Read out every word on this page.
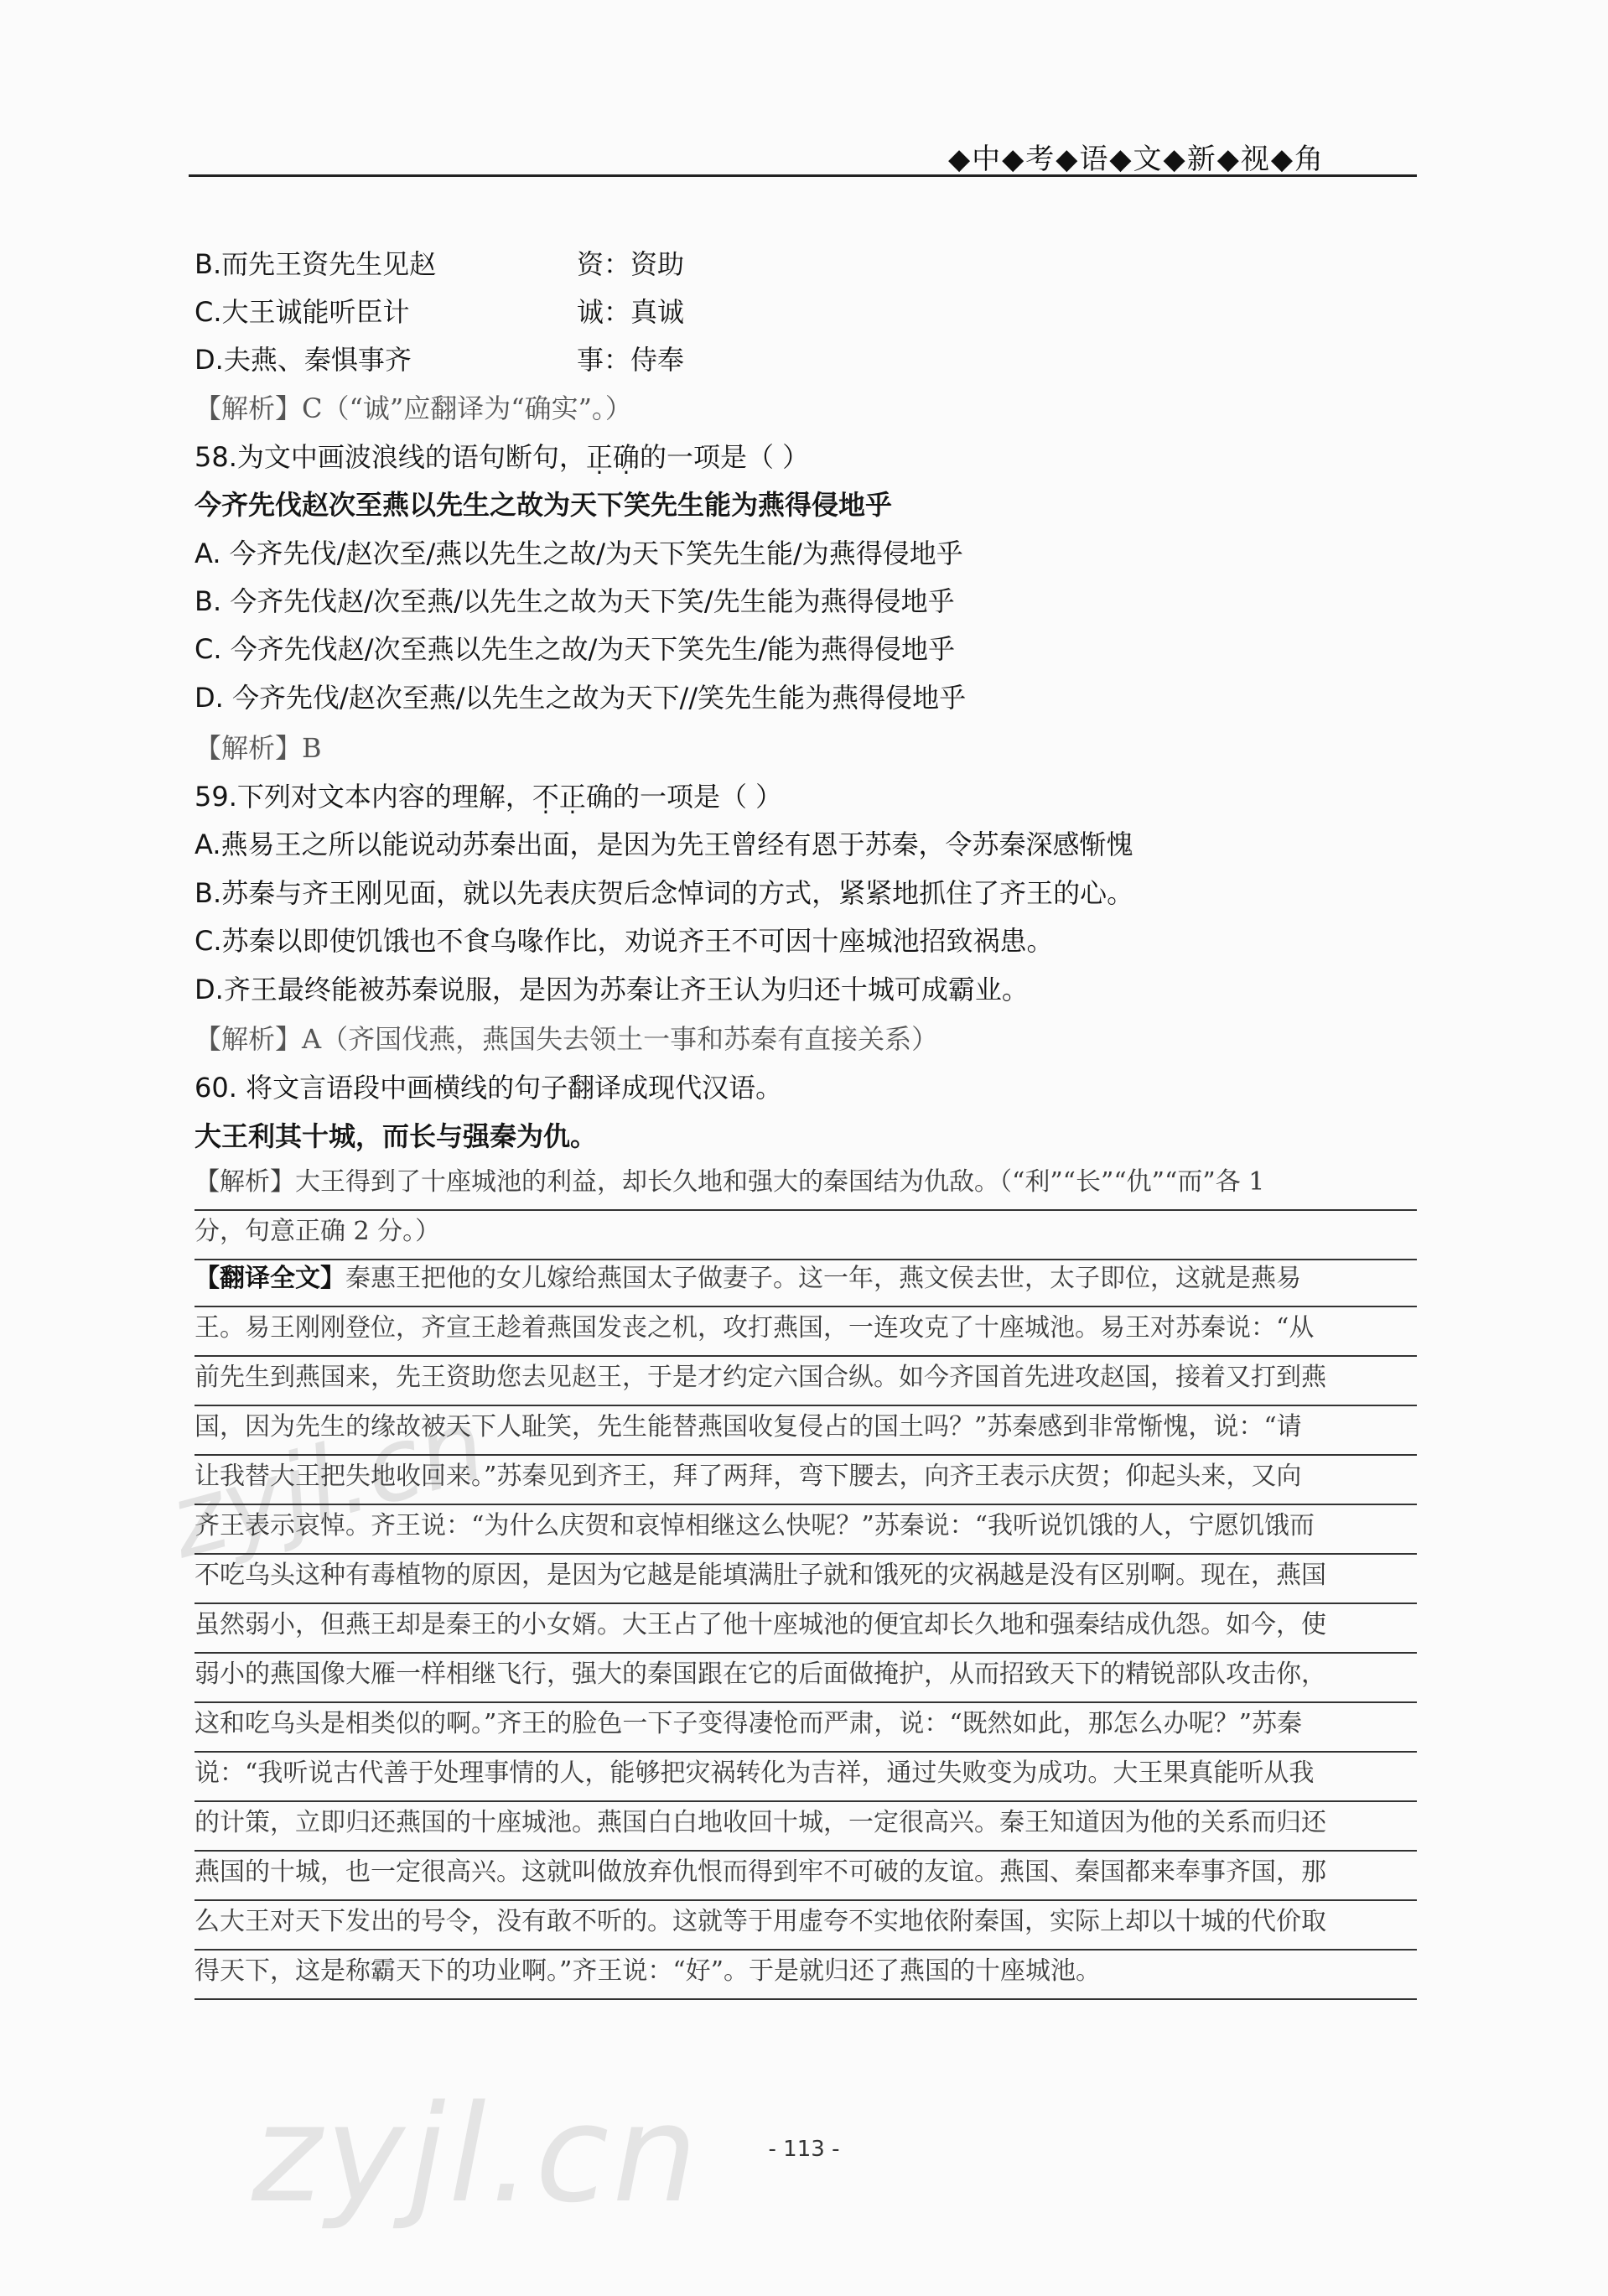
zyjl.cn
◆中◆考◆语◆文◆新◆视◆角
B.而先王资先生见赵	资：资助
C.大王诚能听臣计	诚：真诚
D.夫燕、秦惧事齐	事：侍奉
【解析】C（“诚”应翻译为“确实”。）
58.为文中画波浪线的语句断句，正确的一项是（ ）
今齐先伐赵次至燕以先生之故为天下笑先生能为燕得侵地乎
A. 今齐先伐/赵次至/燕以先生之故/为天下笑先生能/为燕得侵地乎
B. 今齐先伐赵/次至燕/以先生之故为天下笑/先生能为燕得侵地乎
C. 今齐先伐赵/次至燕以先生之故/为天下笑先生/能为燕得侵地乎
D. 今齐先伐/赵次至燕/以先生之故为天下//笑先生能为燕得侵地乎
【解析】B
59.下列对文本内容的理解，不正确的一项是（ ）
A.燕易王之所以能说动苏秦出面，是因为先王曾经有恩于苏秦，令苏秦深感惭愧
B.苏秦与齐王刚见面，就以先表庆贺后念悼词的方式，紧紧地抓住了齐王的心。
C.苏秦以即使饥饿也不食乌喙作比，劝说齐王不可因十座城池招致祸患。
D.齐王最终能被苏秦说服，是因为苏秦让齐王认为归还十城可成霸业。
【解析】A（齐国伐燕，燕国失去领土一事和苏秦有直接关系）
60. 将文言语段中画横线的句子翻译成现代汉语。
大王利其十城，而长与强秦为仇。
【解析】大王得到了十座城池的利益，却长久地和强大的秦国结为仇敌。（“利”“长”“仇”“而”各 1
分，句意正确 2 分。）
【翻译全文】秦惠王把他的女儿嫁给燕国太子做妻子。这一年，燕文侯去世，太子即位，这就是燕易
王。易王刚刚登位，齐宣王趁着燕国发丧之机，攻打燕国，一连攻克了十座城池。易王对苏秦说：“从
前先生到燕国来，先王资助您去见赵王，于是才约定六国合纵。如今齐国首先进攻赵国，接着又打到燕
国，因为先生的缘故被天下人耻笑，先生能替燕国收复侵占的国土吗？”苏秦感到非常惭愧，说：“请
让我替大王把失地收回来。”苏秦见到齐王，拜了两拜，弯下腰去，向齐王表示庆贺；仰起头来，又向
齐王表示哀悼。齐王说：“为什么庆贺和哀悼相继这么快呢？”苏秦说：“我听说饥饿的人，宁愿饥饿而
不吃乌头这种有毒植物的原因，是因为它越是能填满肚子就和饿死的灾祸越是没有区别啊。现在，燕国
虽然弱小，但燕王却是秦王的小女婿。大王占了他十座城池的便宜却长久地和强秦结成仇怨。如今，使
弱小的燕国像大雁一样相继飞行，强大的秦国跟在它的后面做掩护，从而招致天下的精锐部队攻击你，
这和吃乌头是相类似的啊。”齐王的脸色一下子变得凄怆而严肃，说：“既然如此，那怎么办呢？”苏秦
说：“我听说古代善于处理事情的人，能够把灾祸转化为吉祥，通过失败变为成功。大王果真能听从我
的计策，立即归还燕国的十座城池。燕国白白地收回十城，一定很高兴。秦王知道因为他的关系而归还
燕国的十城，也一定很高兴。这就叫做放弃仇恨而得到牢不可破的友谊。燕国、秦国都来奉事齐国，那
么大王对天下发出的号令，没有敢不听的。这就等于用虚夸不实地依附秦国，实际上却以十城的代价取
得天下，这是称霸天下的功业啊。”齐王说：“好”。于是就归还了燕国的十座城池。
zyjl.cn	- 113 -
